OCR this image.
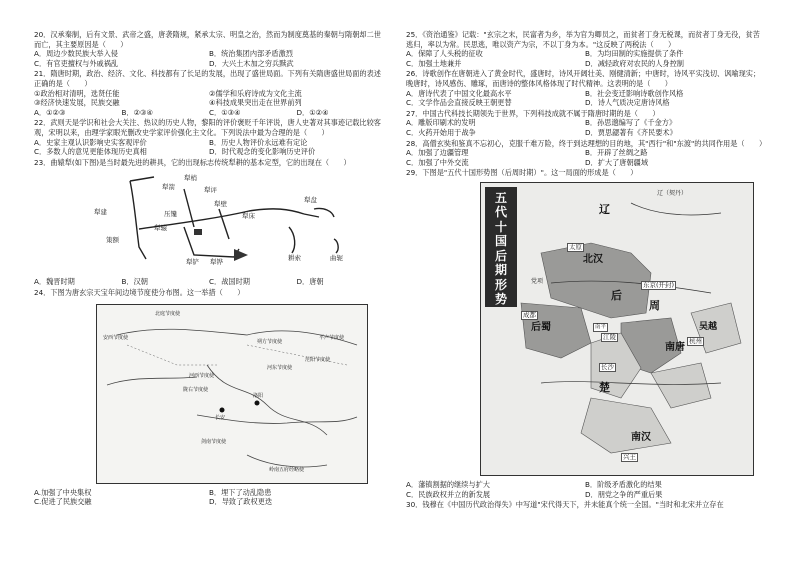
20．汉承秦制，后有文景、武帝之盛，唐袭隋规，紧承太宗、明皇之治，然而为制度奠基的秦朝与隋朝却二世而亡，其主要原因是（　　）
A．周边少数民族大举入侵	B．统治集团内部矛盾激烈
C．有官吏擅权与外戚祸乱	D．大兴土木加之穷兵黩武
21．隋唐时期，政治、经济、文化、科技都有了长足的发展，出现了盛世局面。下列有关隋唐盛世局面的表述正确的是（　　）
①政治相对清明，选贤任能	②儒学和乐府诗成为文化主流
③经济快速发展，民族交融	④科技成果突出走在世界前列
A．①②③	B．②③④	C．①③④	D．①②④
22．武则天是学识和社会大关注、热议的历史人物，黎阳的评价褒贬千年评说，唐人史著对其事迹记载比较客观，宋明以来，由理学家眼光删改史学家评价强化主文化。下列说法中最为合理的是（　　）
A．史家主观认识影响史实客观评价	B．历史人物评价永远难有定论
C．多数人的意见更能体现历史真相	D．时代观念的变化影响历史评价
23．曲辕犁(如下图)是当时最先进的耕具，它的出现标志传统犁耕的基本定型，它的出现在（　　）
犁建
策额
犁箭
犁梢
犁评
犁壁
压镵
犁辕
犁床
犁铲 犁铧
犁盘
耕索	曲轭
A．魏晋时期	B．汉朝	C．战国时期	D．唐朝
24．下图为唐玄宗天宝年间边境节度使分布图。这一举措（　　）
北庭节度使
安西节度使
河西节度使
陇右节度使
朔方节度使
河东节度使
范阳节度使
平卢节度使
剑南节度使
岭南五府经略使
长安
洛阳
A.加强了中央集权	B．埋下了动乱隐患
C.促进了民族交融	D．导致了政权更迭
25．《资治通鉴》记载："玄宗之末，民富者为乡，举为官为卿员之，而贫者丁身无税课，而贫者丁身无役，贫苦逃归，率以为常。民思逃，唯以资产为宗，不以丁身为本。"这反映了两税法（　　）
A．保障了人头税的征收	B．为均田制的实施提供了条件
C．加强土地兼并	D．减轻政府对农民的人身控制
26．诗歌创作在唐朝进入了黄金时代，盛唐时，诗风开阔壮美、刚健清新；中唐时，诗风平实浅切、讽喻现实；晚唐时，诗风感伤、雕琢，而唐诗的整体风格体现了时代精神。这表明的是（　　）
A．唐诗代表了中国文化最高水平	B．社会变迁影响诗歌创作风格
C．文学作品会直接反映王朝更替	D．诗人气质决定唐诗风格
27．中国古代科技长期领先于世界，下列科技成就不属于隋唐时期的是（　　）
A．雕版印刷术的发明	B．孙思邈编写了《千金方》
C．火药开始用于战争	D．贾思勰著有《齐民要术》
28．高僧玄奘和鉴真不忘初心，克服千难万险，终于到达理想的目的地，其"西行"和"东渡"的共同作用是（　　）
A．加强了边疆管理	B．开辟了丝绸之路
C．加强了中外交流	D．扩大了唐朝疆域
29．下图是"五代十国形势图（后周时期）"。这一局面的形成是（　　）
五
代
十
国
后
期
形
势
辽
北汉
后
周
后蜀
南唐
楚
吴越
南汉
太原
东京(开封)
成都
江陵
长沙
杭州
南平
兴王
辽（契丹）
党项
A．藩镇割据的继续与扩大	B．阶级矛盾激化的结果
C．民族政权并立的新发展	D．朋党之争的严重后果
30．钱穆在《中国历代政治得失》中写道"宋代得天下，并未能真个统一全国。"当时和北宋并立存在
